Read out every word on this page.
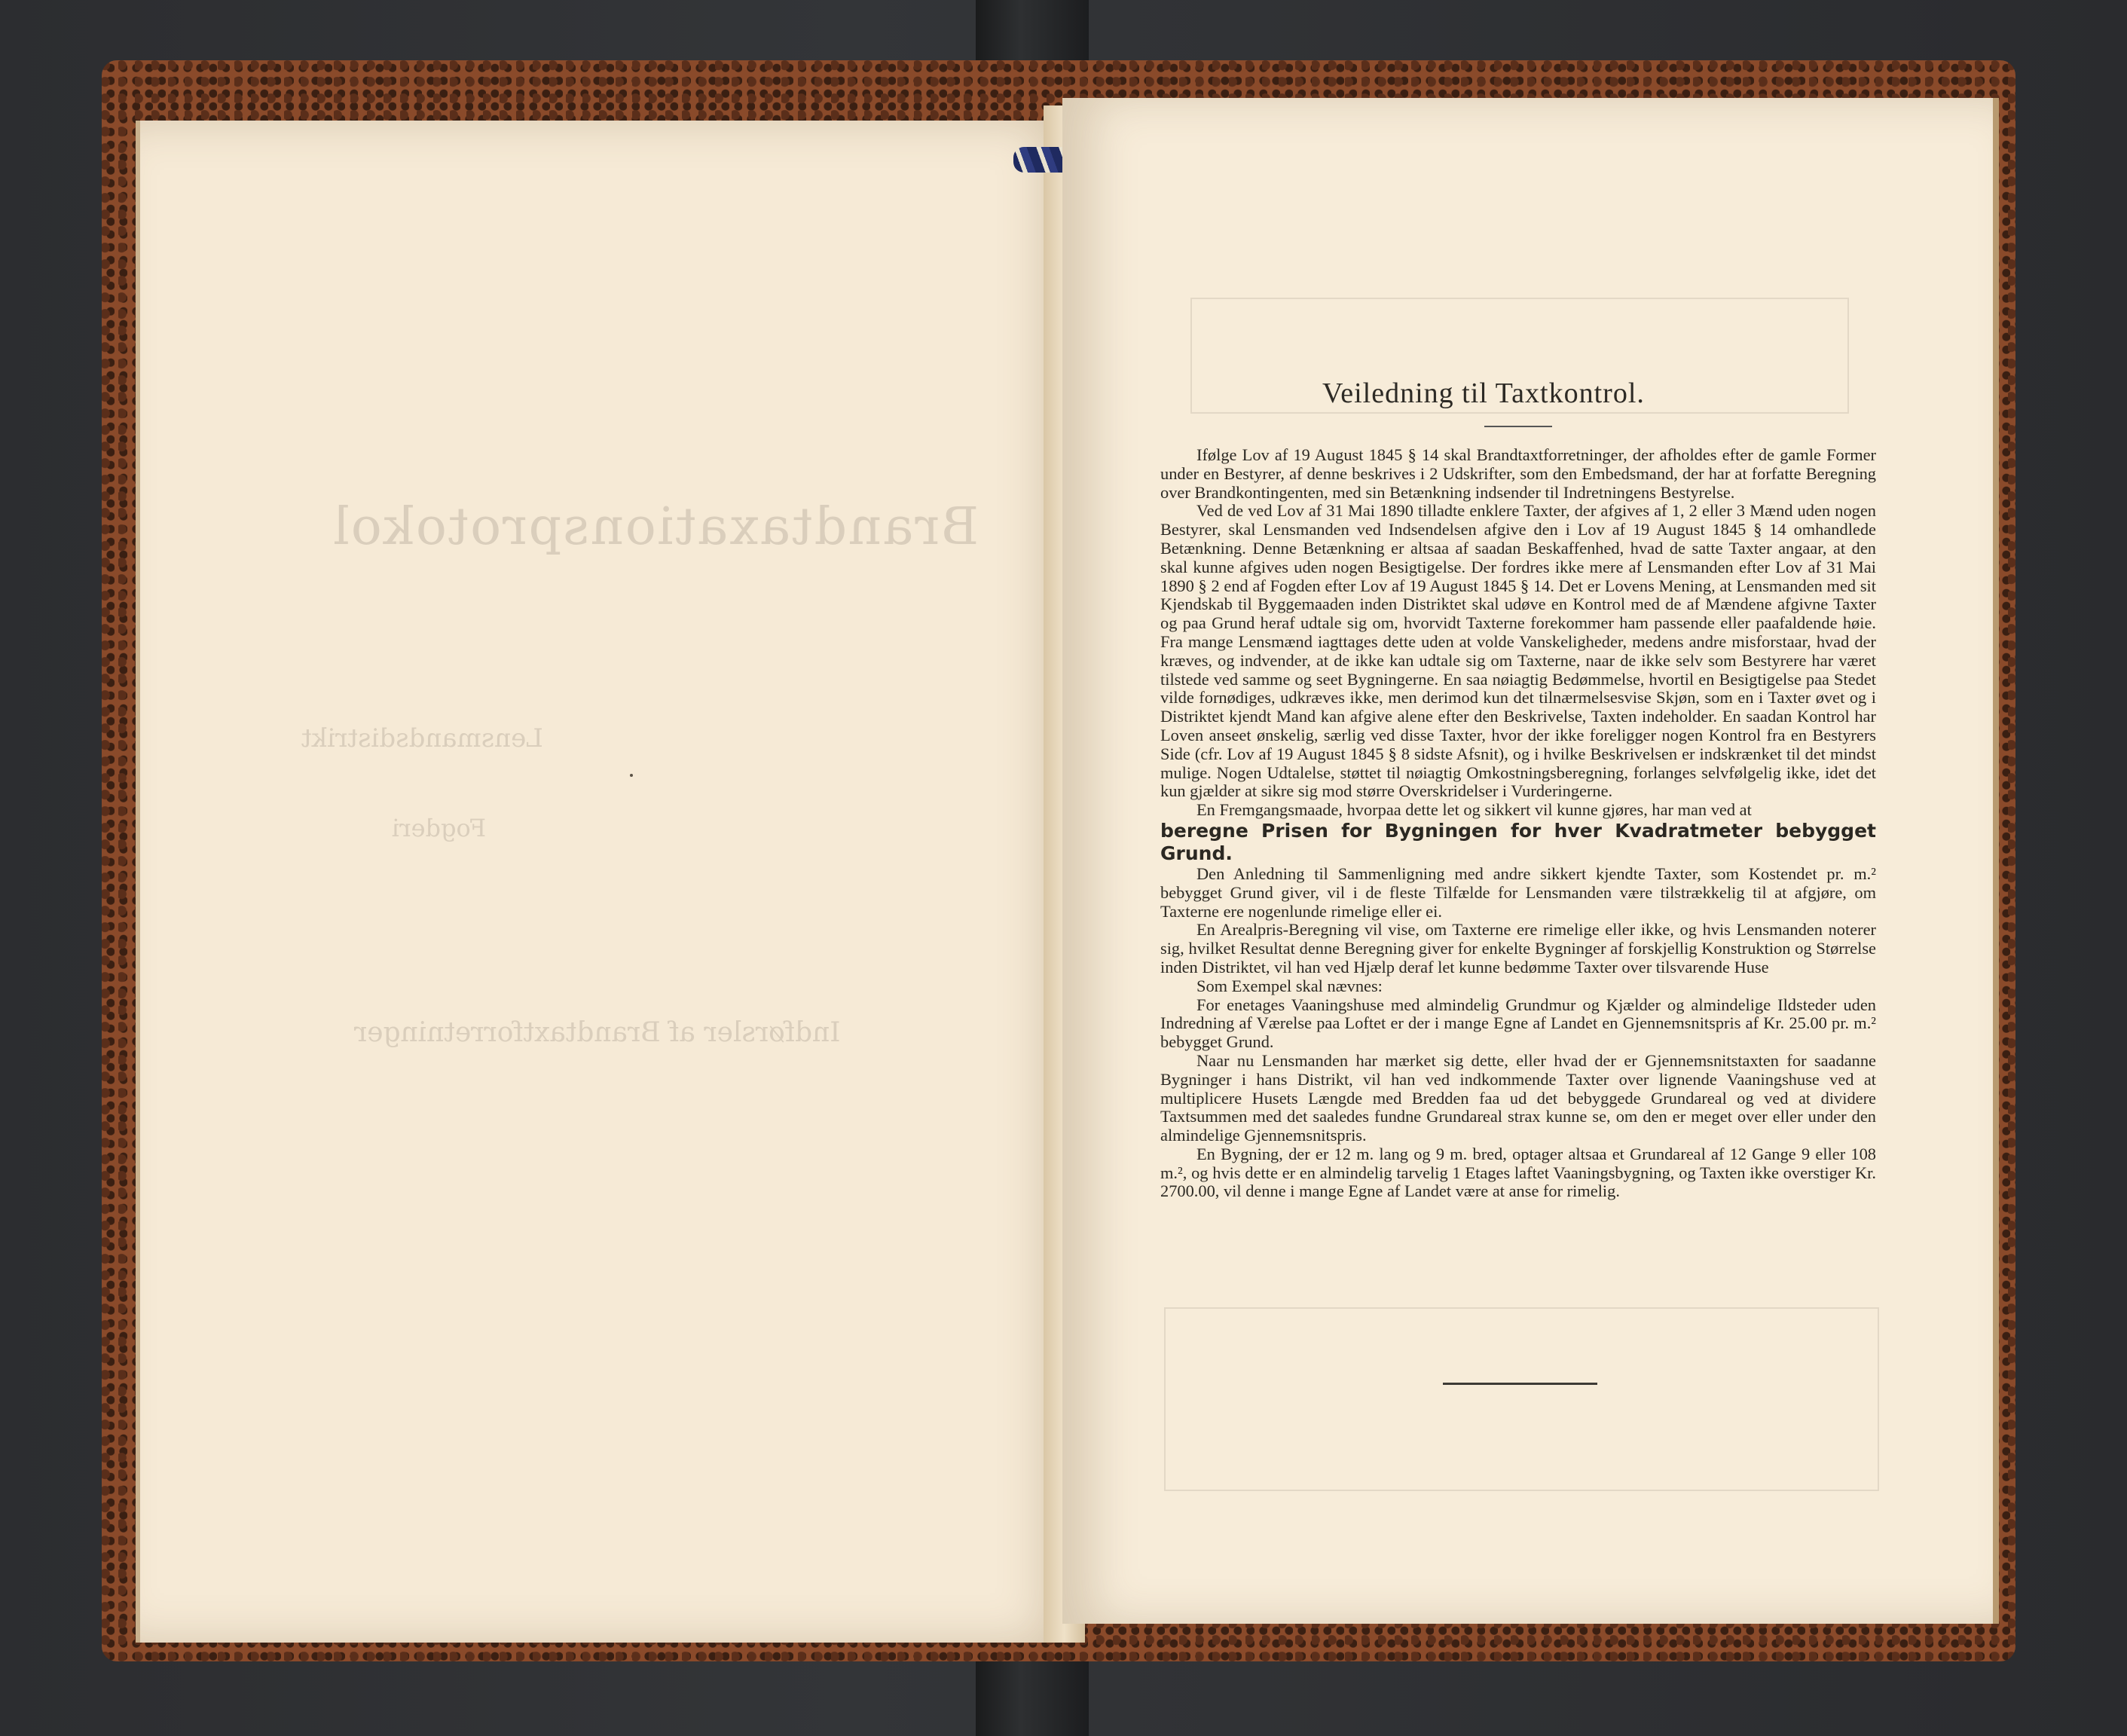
Brandtaxationsprotokol
Lensmandsdistrikt
Fogderi
Indførsler af Brandtaxtforretninger
Veiledning til Taxtkontrol.

Ifølge Lov af 19 August 1845 § 14 skal Brandtaxtforretninger, der afholdes efter de gamle Former under en Bestyrer, af denne beskrives i 2 Udskrifter, som den Embedsmand, der har at forfatte Beregning over Brandkontingenten, med sin Betænkning indsender til Indretningens Bestyrelse.

Ved de ved Lov af 31 Mai 1890 tilladte enklere Taxter, der afgives af 1, 2 eller 3 Mænd uden nogen Bestyrer, skal Lensmanden ved Indsendelsen afgive den i Lov af 19 August 1845 § 14 omhandlede Betænkning. Denne Betænkning er altsaa af saadan Beskaffenhed, hvad de satte Taxter angaar, at den skal kunne afgives uden nogen Besigtigelse. Der fordres ikke mere af Lensmanden efter Lov af 31 Mai 1890 § 2 end af Fogden efter Lov af 19 August 1845 § 14. Det er Lovens Mening, at Lensmanden med sit Kjendskab til Byggemaaden inden Distriktet skal udøve en Kontrol med de af Mændene afgivne Taxter og paa Grund heraf udtale sig om, hvorvidt Taxterne forekommer ham passende eller paafaldende høie. Fra mange Lensmænd iagttages dette uden at volde Vanskeligheder, medens andre misforstaar, hvad der kræves, og indvender, at de ikke kan udtale sig om Taxterne, naar de ikke selv som Bestyrere har været tilstede ved samme og seet Bygningerne. En saa nøiagtig Bedømmelse, hvortil en Besigtigelse paa Stedet vilde fornødiges, udkræves ikke, men derimod kun det tilnærmelsesvise Skjøn, som en i Taxter øvet og i Distriktet kjendt Mand kan afgive alene efter den Beskrivelse, Taxten indeholder. En saadan Kontrol har Loven anseet ønskelig, særlig ved disse Taxter, hvor der ikke foreligger nogen Kontrol fra en Bestyrers Side (cfr. Lov af 19 August 1845 § 8 sidste Afsnit), og i hvilke Beskrivelsen er indskrænket til det mindst mulige. Nogen Udtalelse, støttet til nøiagtig Omkostningsberegning, forlanges selvfølgelig ikke, idet det kun gjælder at sikre sig mod større Overskridelser i Vurderingerne.

En Fremgangsmaade, hvorpaa dette let og sikkert vil kunne gjøres, har man ved at

beregne Prisen for Bygningen for hver Kvadratmeter bebygget Grund.

Den Anledning til Sammenligning med andre sikkert kjendte Taxter, som Kostendet pr. m.² bebygget Grund giver, vil i de fleste Tilfælde for Lensmanden være tilstrækkelig til at afgjøre, om Taxterne ere nogenlunde rimelige eller ei.

En Arealpris-Beregning vil vise, om Taxterne ere rimelige eller ikke, og hvis Lensmanden noterer sig, hvilket Resultat denne Beregning giver for enkelte Bygninger af forskjellig Konstruktion og Størrelse inden Distriktet, vil han ved Hjælp deraf let kunne bedømme Taxter over tilsvarende Huse

Som Exempel skal nævnes:

For enetages Vaaningshuse med almindelig Grundmur og Kjælder og almindelige Ildsteder uden Indredning af Værelse paa Loftet er der i mange Egne af Landet en Gjennemsnitspris af Kr. 25.00 pr. m.² bebygget Grund.

Naar nu Lensmanden har mærket sig dette, eller hvad der er Gjennemsnitstaxten for saadanne Bygninger i hans Distrikt, vil han ved indkommende Taxter over lignende Vaaningshuse ved at multiplicere Husets Længde med Bredden faa ud det bebyggede Grundareal og ved at dividere Taxtsummen med det saaledes fundne Grundareal strax kunne se, om den er meget over eller under den almindelige Gjennemsnitspris.

En Bygning, der er 12 m. lang og 9 m. bred, optager altsaa et Grundareal af 12 Gange 9 eller 108 m.², og hvis dette er en almindelig tarvelig 1 Etages laftet Vaaningsbygning, og Taxten ikke overstiger Kr. 2700.00, vil denne i mange Egne af Landet være at anse for rimelig.
